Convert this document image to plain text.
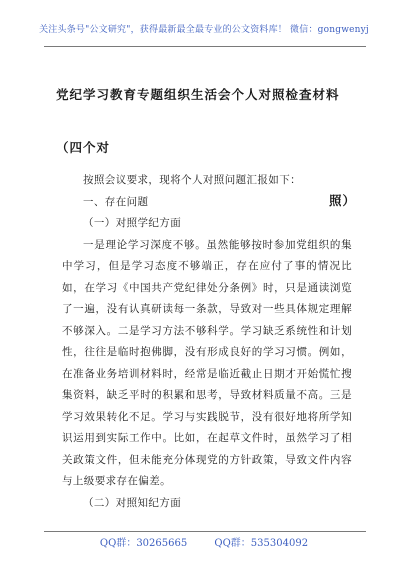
关注头条号"公文研究"，获得最新最全最专业的公文资料库！ 微信：gongwenyj
党纪学习教育专题组织生活会个人对照检查材料（四个对
照）

按照会议要求，现将个人对照问题汇报如下：

一、存在问题

（一）对照学纪方面

一是理论学习深度不够。虽然能够按时参加党组织的集中学习，但是学习态度不够端正，存在应付了事的情况比如，在学习《中国共产党纪律处分条例》时，只是通读浏览了一遍，没有认真研读每一条款，导致对一些具体规定理解不够深入。二是学习方法不够科学。学习缺乏系统性和计划性，往往是临时抱佛脚，没有形成良好的学习习惯。例如，在准备业务培训材料时，经常是临近截止日期才开始慌忙搜集资料，缺乏平时的积累和思考，导致材料质量不高。三是学习效果转化不足。学习与实践脱节，没有很好地将所学知识运用到实际工作中。比如，在起草文件时，虽然学习了相关政策文件，但未能充分体现党的方针政策，导致文件内容与上级要求存在偏差。

（二）对照知纪方面

QQ群：30265665	QQ群：535304092
